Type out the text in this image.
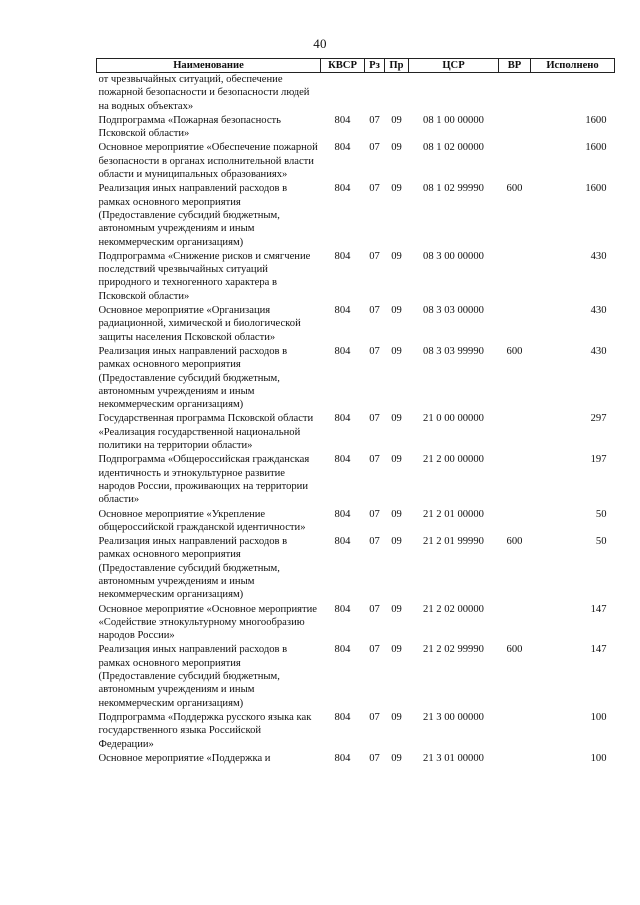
40
Наименование	КВСР	Рз	Пр	ЦСР	ВР	Исполнено
от чрезвычайных ситуаций, обеспечение пожарной безопасности и безопасности людей на водных объектах»						
Подпрограмма «Пожарная безопасность Псковской области»	804	07	09	08 1 00 00000		1600
Основное мероприятие «Обеспечение пожарной безопасности в органах исполнительной власти области и муниципальных образованиях»	804	07	09	08 1 02 00000		1600
Реализация иных направлений расходов в рамках основного мероприятия (Предоставление субсидий бюджетным, автономным учреждениям и иным некоммерческим организациям)	804	07	09	08 1 02 99990	600	1600
Подпрограмма «Снижение рисков и смягчение последствий чрезвычайных ситуаций природного и техногенного характера в Псковской области»	804	07	09	08 3 00 00000		430
Основное мероприятие «Организация радиационной, химической и биологической защиты населения Псковской области»	804	07	09	08 3 03 00000		430
Реализация иных направлений расходов в рамках основного мероприятия (Предоставление субсидий бюджетным, автономным учреждениям и иным некоммерческим организациям)	804	07	09	08 3 03 99990	600	430
Государственная программа Псковской области «Реализация государственной национальной политики на территории области»	804	07	09	21 0 00 00000		297
Подпрограмма «Общероссийская гражданская идентичность и этнокультурное развитие народов России, проживающих на территории области»	804	07	09	21 2 00 00000		197
Основное мероприятие «Укрепление общероссийской гражданской идентичности»	804	07	09	21 2 01 00000		50
Реализация иных направлений расходов в рамках основного мероприятия (Предоставление субсидий бюджетным, автономным учреждениям и иным некоммерческим организациям)	804	07	09	21 2 01 99990	600	50
Основное мероприятие «Основное мероприятие «Содействие этнокультурному многообразию народов России»	804	07	09	21 2 02 00000		147
Реализация иных направлений расходов в рамках основного мероприятия (Предоставление субсидий бюджетным, автономным учреждениям и иным некоммерческим организациям)	804	07	09	21 2 02 99990	600	147
Подпрограмма «Поддержка русского языка как государственного языка Российской Федерации»	804	07	09	21 3 00 00000		100
Основное мероприятие «Поддержка и	804	07	09	21 3 01 00000		100
